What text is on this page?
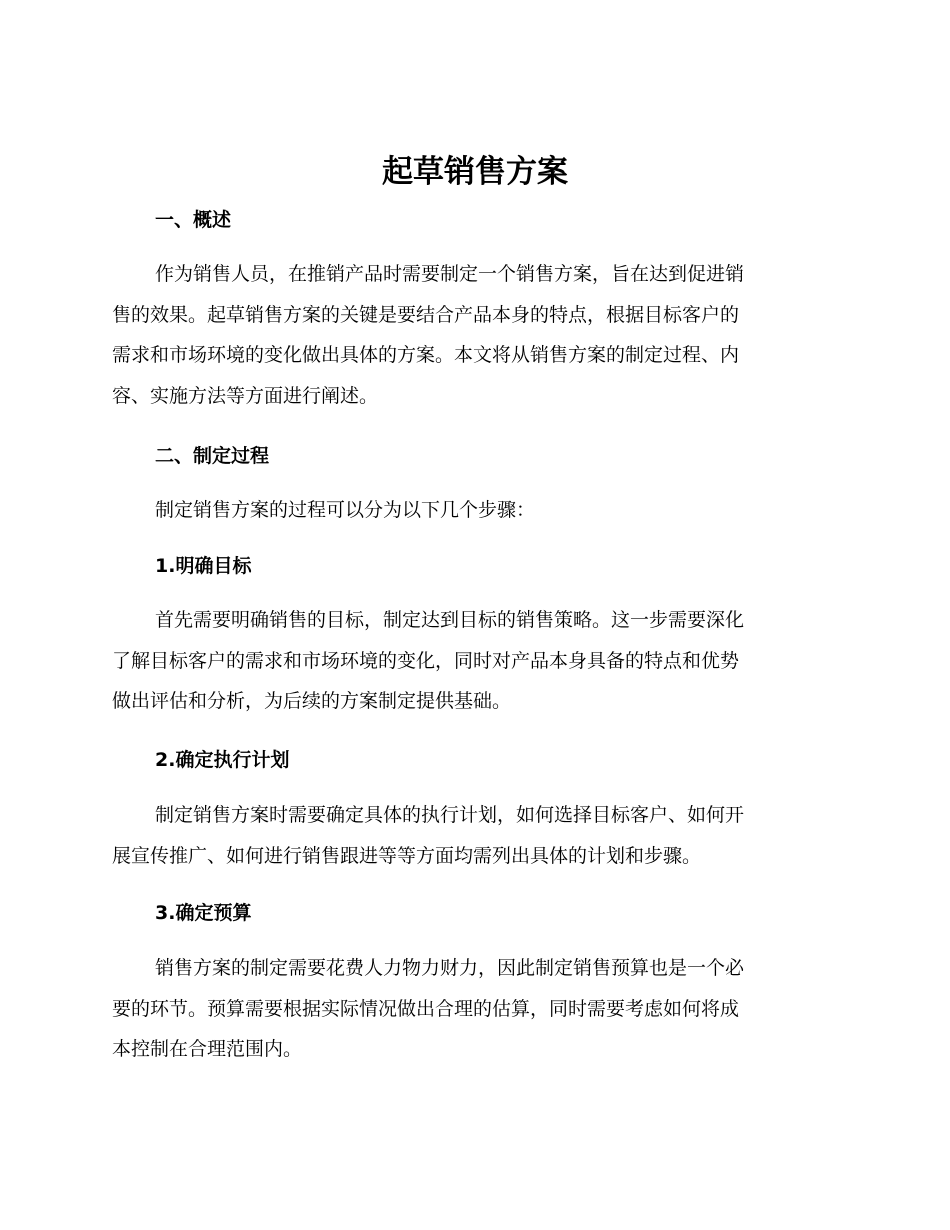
起草销售方案
一、概述

作为销售人员，在推销产品时需要制定一个销售方案，旨在达到促进销
售的效果。起草销售方案的关键是要结合产品本身的特点，根据目标客户的
需求和市场环境的变化做出具体的方案。本文将从销售方案的制定过程、内
容、实施方法等方面进行阐述。

二、制定过程

制定销售方案的过程可以分为以下几个步骤：

1.明确目标

首先需要明确销售的目标，制定达到目标的销售策略。这一步需要深化
了解目标客户的需求和市场环境的变化，同时对产品本身具备的特点和优势
做出评估和分析，为后续的方案制定提供基础。

2.确定执行计划

制定销售方案时需要确定具体的执行计划，如何选择目标客户、如何开
展宣传推广、如何进行销售跟进等等方面均需列出具体的计划和步骤。

3.确定预算

销售方案的制定需要花费人力物力财力，因此制定销售预算也是一个必
要的环节。预算需要根据实际情况做出合理的估算，同时需要考虑如何将成
本控制在合理范围内。
